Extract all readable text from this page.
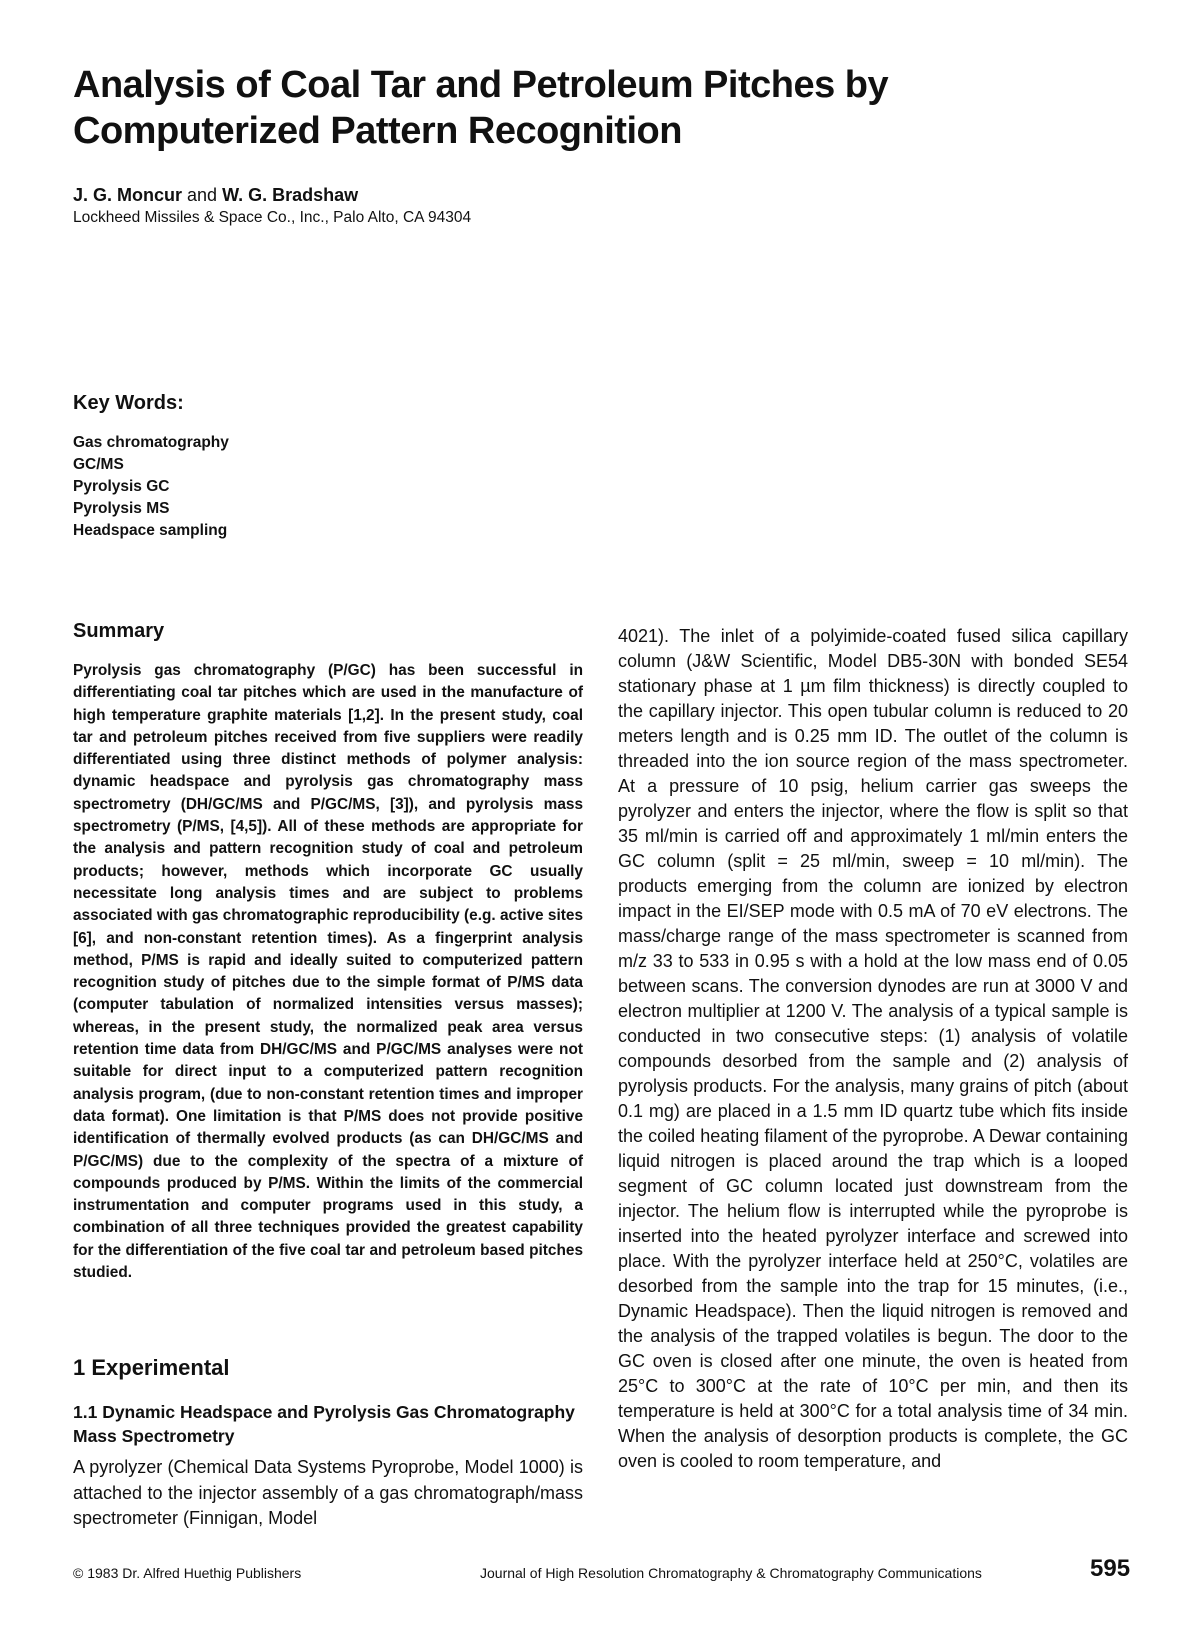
Analysis of Coal Tar and Petroleum Pitches by Computerized Pattern Recognition
J. G. Moncur and W. G. Bradshaw
Lockheed Missiles & Space Co., Inc., Palo Alto, CA 94304
Key Words:
Gas chromatography
GC/MS
Pyrolysis GC
Pyrolysis MS
Headspace sampling
Summary

Pyrolysis gas chromatography (P/GC) has been successful in differentiating coal tar pitches which are used in the manufacture of high temperature graphite materials [1,2]. In the present study, coal tar and petroleum pitches received from five suppliers were readily differentiated using three distinct methods of polymer analysis: dynamic headspace and pyrolysis gas chromatography mass spectrometry (DH/GC/MS and P/GC/MS, [3]), and pyrolysis mass spectrometry (P/MS, [4,5]). All of these methods are appropriate for the analysis and pattern recognition study of coal and petroleum products; however, methods which incorporate GC usually necessitate long analysis times and are subject to problems associated with gas chromatographic reproducibility (e.g. active sites [6], and non-constant retention times). As a fingerprint analysis method, P/MS is rapid and ideally suited to computerized pattern recognition study of pitches due to the simple format of P/MS data (computer tabulation of normalized intensities versus masses); whereas, in the present study, the normalized peak area versus retention time data from DH/GC/MS and P/GC/MS analyses were not suitable for direct input to a computerized pattern recognition analysis program, (due to non-constant retention times and improper data format). One limitation is that P/MS does not provide positive identification of thermally evolved products (as can DH/GC/MS and P/GC/MS) due to the complexity of the spectra of a mixture of compounds produced by P/MS. Within the limits of the commercial instrumentation and computer programs used in this study, a combination of all three techniques provided the greatest capability for the differentiation of the five coal tar and petroleum based pitches studied.

1 Experimental
1.1 Dynamic Headspace and Pyrolysis Gas Chromatography Mass Spectrometry

A pyrolyzer (Chemical Data Systems Pyroprobe, Model 1000) is attached to the injector assembly of a gas chromatograph/mass spectrometer (Finnigan, Model

4021). The inlet of a polyimide-coated fused silica capillary column (J&W Scientific, Model DB5-30N with bonded SE54 stationary phase at 1 µm film thickness) is directly coupled to the capillary injector. This open tubular column is reduced to 20 meters length and is 0.25 mm ID. The outlet of the column is threaded into the ion source region of the mass spectrometer. At a pressure of 10 psig, helium carrier gas sweeps the pyrolyzer and enters the injector, where the flow is split so that 35 ml/min is carried off and approximately 1 ml/min enters the GC column (split = 25 ml/min, sweep = 10 ml/min). The products emerging from the column are ionized by electron impact in the EI/SEP mode with 0.5 mA of 70 eV electrons. The mass/charge range of the mass spectrometer is scanned from m/z 33 to 533 in 0.95 s with a hold at the low mass end of 0.05 between scans. The conversion dynodes are run at 3000 V and electron multiplier at 1200 V. The analysis of a typical sample is conducted in two consecutive steps: (1) analysis of volatile compounds desorbed from the sample and (2) analysis of pyrolysis products. For the analysis, many grains of pitch (about 0.1 mg) are placed in a 1.5 mm ID quartz tube which fits inside the coiled heating filament of the pyroprobe. A Dewar containing liquid nitrogen is placed around the trap which is a looped segment of GC column located just downstream from the injector. The helium flow is interrupted while the pyroprobe is inserted into the heated pyrolyzer interface and screwed into place. With the pyrolyzer interface held at 250°C, volatiles are desorbed from the sample into the trap for 15 minutes, (i.e., Dynamic Headspace). Then the liquid nitrogen is removed and the analysis of the trapped volatiles is begun. The door to the GC oven is closed after one minute, the oven is heated from 25°C to 300°C at the rate of 10°C per min, and then its temperature is held at 300°C for a total analysis time of 34 min. When the analysis of desorption products is complete, the GC oven is cooled to room temperature, and

© 1983 Dr. Alfred Huethig Publishers	Journal of High Resolution Chromatography & Chromatography Communications	595
